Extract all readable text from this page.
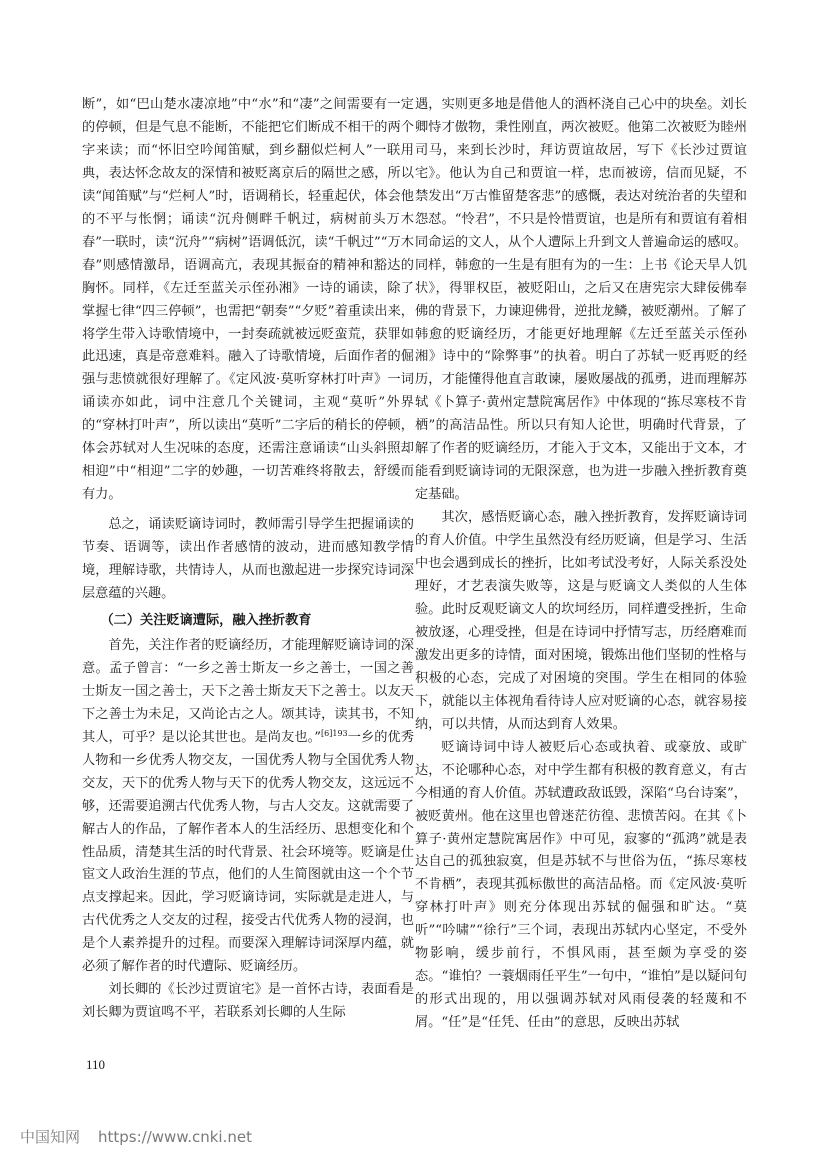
断”，如“巴山楚水凄凉地”中“水”和“凄”之间需要有一定的停顿，但是气息不能断，不能把它们断成不相干的两个字来读；而“怀旧空吟闻笛赋，到乡翻似烂柯人”一联用典，表达怀念故友的深情和被贬离京后的隔世之感，所以读“闻笛赋”与“烂柯人”时，语调稍长，轻重起伏，体会他的不平与怅惘；诵读“沉舟侧畔千帆过，病树前头万木春”一联时，读“沉舟”“病树”语调低沉，读“千帆过”“万木春”则感情激昂，语调高亢，表现其振奋的精神和豁达的胸怀。同样，《左迁至蓝关示侄孙湘》一诗的诵读，除了掌握七律“四三停顿”，也需把“朝奏”“夕贬”着重读出来，将学生带入诗歌情境中，一封奏疏就被远贬蛮荒，获罪如此迅速，真是帝意难料。融入了诗歌情境，后面作者的倔强与悲愤就很好理解了。《定风波·莫听穿林打叶声》一词诵读亦如此，词中注意几个关键词，主观“莫听”外界的“穿林打叶声”，所以读出“莫听”二字后的稍长的停顿，体会苏轼对人生况味的态度，还需注意诵读“山头斜照却相迎”中“相迎”二字的妙趣，一切苦难终将散去，舒缓而有力。

总之，诵读贬谪诗词时，教师需引导学生把握诵读的节奏、语调等，读出作者感情的波动，进而感知教学情境，理解诗歌，共情诗人，从而也激起进一步探究诗词深层意蕴的兴趣。

（二）关注贬谪遭际，融入挫折教育

首先，关注作者的贬谪经历，才能理解贬谪诗词的深意。孟子曾言：“一乡之善士斯友一乡之善士，一国之善士斯友一国之善士，天下之善士斯友天下之善士。以友天下之善士为未足，又尚论古之人。颂其诗，读其书，不知其人，可乎？是以论其世也。是尚友也。”$^{[6]193}$一乡的优秀人物和一乡优秀人物交友，一国优秀人物与全国优秀人物交友，天下的优秀人物与天下的优秀人物交友，这远远不够，还需要追溯古代优秀人物，与古人交友。这就需要了解古人的作品，了解作者本人的生活经历、思想变化和个性品质，清楚其生活的时代背景、社会环境等。贬谪是仕宦文人政治生涯的节点，他们的人生简图就由这一个个节点支撑起来。因此，学习贬谪诗词，实际就是走进人，与古代优秀之人交友的过程，接受古代优秀人物的浸润，也是个人素养提升的过程。而要深入理解诗词深厚内蕴，就必须了解作者的时代遭际、贬谪经历。

刘长卿的《长沙过贾谊宅》是一首怀古诗，表面看是刘长卿为贾谊鸣不平，若联系刘长卿的人生际

遇，实则更多地是借他人的酒杯浇自己心中的块垒。刘长卿恃才傲物，秉性刚直，两次被贬。他第二次被贬为睦州司马，来到长沙时，拜访贾谊故居，写下《长沙过贾谊宅》。他认为自己和贾谊一样，忠而被谤，信而见疑，不禁发出“万古惟留楚客悲”的感慨，表达对统治者的失望和怨怼。“怜君”，不只是怜惜贾谊，也是所有和贾谊有着相同命运的文人，从个人遭际上升到文人普遍命运的感叹。同样，韩愈的一生是有胆有为的一生：上书《论天旱人饥状》，得罪权臣，被贬阳山，之后又在唐宪宗大肆佞佛奉佛的背景下，力谏迎佛骨，逆批龙鳞，被贬潮州。了解了韩愈的贬谪经历，才能更好地理解《左迁至蓝关示侄孙湘》诗中的“除弊事”的执着。明白了苏轼一贬再贬的经历，才能懂得他直言敢谏，屡败屡战的孤勇，进而理解苏轼《卜算子·黄州定慧院寓居作》中体现的“拣尽寒枝不肯栖”的高洁品性。所以只有知人论世，明确时代背景，了解了作者的贬谪经历，才能入于文本，又能出于文本，才能看到贬谪诗词的无限深意，也为进一步融入挫折教育奠定基础。

其次，感悟贬谪心态，融入挫折教育，发挥贬谪诗词的育人价值。中学生虽然没有经历贬谪，但是学习、生活中也会遇到成长的挫折，比如考试没考好，人际关系没处理好，才艺表演失败等，这是与贬谪文人类似的人生体验。此时反观贬谪文人的坎坷经历，同样遭受挫折，生命被放逐，心理受挫，但是在诗词中抒情写志，历经磨难而激发出更多的诗情，面对困境，锻炼出他们坚韧的性格与积极的心态，完成了对困境的突围。学生在相同的体验下，就能以主体视角看待诗人应对贬谪的心态，就容易接纳，可以共情，从而达到育人效果。

贬谪诗词中诗人被贬后心态或执着、或豪放、或旷达，不论哪种心态，对中学生都有积极的教育意义，有古今相通的育人价值。苏轼遭政敌诋毁，深陷“乌台诗案”，被贬黄州。他在这里也曾迷茫彷徨、悲愤苦闷。在其《卜算子·黄州定慧院寓居作》中可见，寂寥的“孤鸿”就是表达自己的孤独寂寞，但是苏轼不与世俗为伍，“拣尽寒枝不肯栖”，表现其孤标傲世的高洁品格。而《定风波·莫听穿林打叶声》则充分体现出苏轼的倔强和旷达。“莫听”“吟啸”“徐行”三个词，表现出苏轼内心坚定，不受外物影响，缓步前行，不惧风雨，甚至颇为享受的姿态。“谁怕？一蓑烟雨任平生”一句中，“谁怕”是以疑问句的形式出现的，用以强调苏轼对风雨侵袭的轻蔑和不屑。“任”是“任凭、任由”的意思，反映出苏轼

110
中国知网 https://www.cnki.net
